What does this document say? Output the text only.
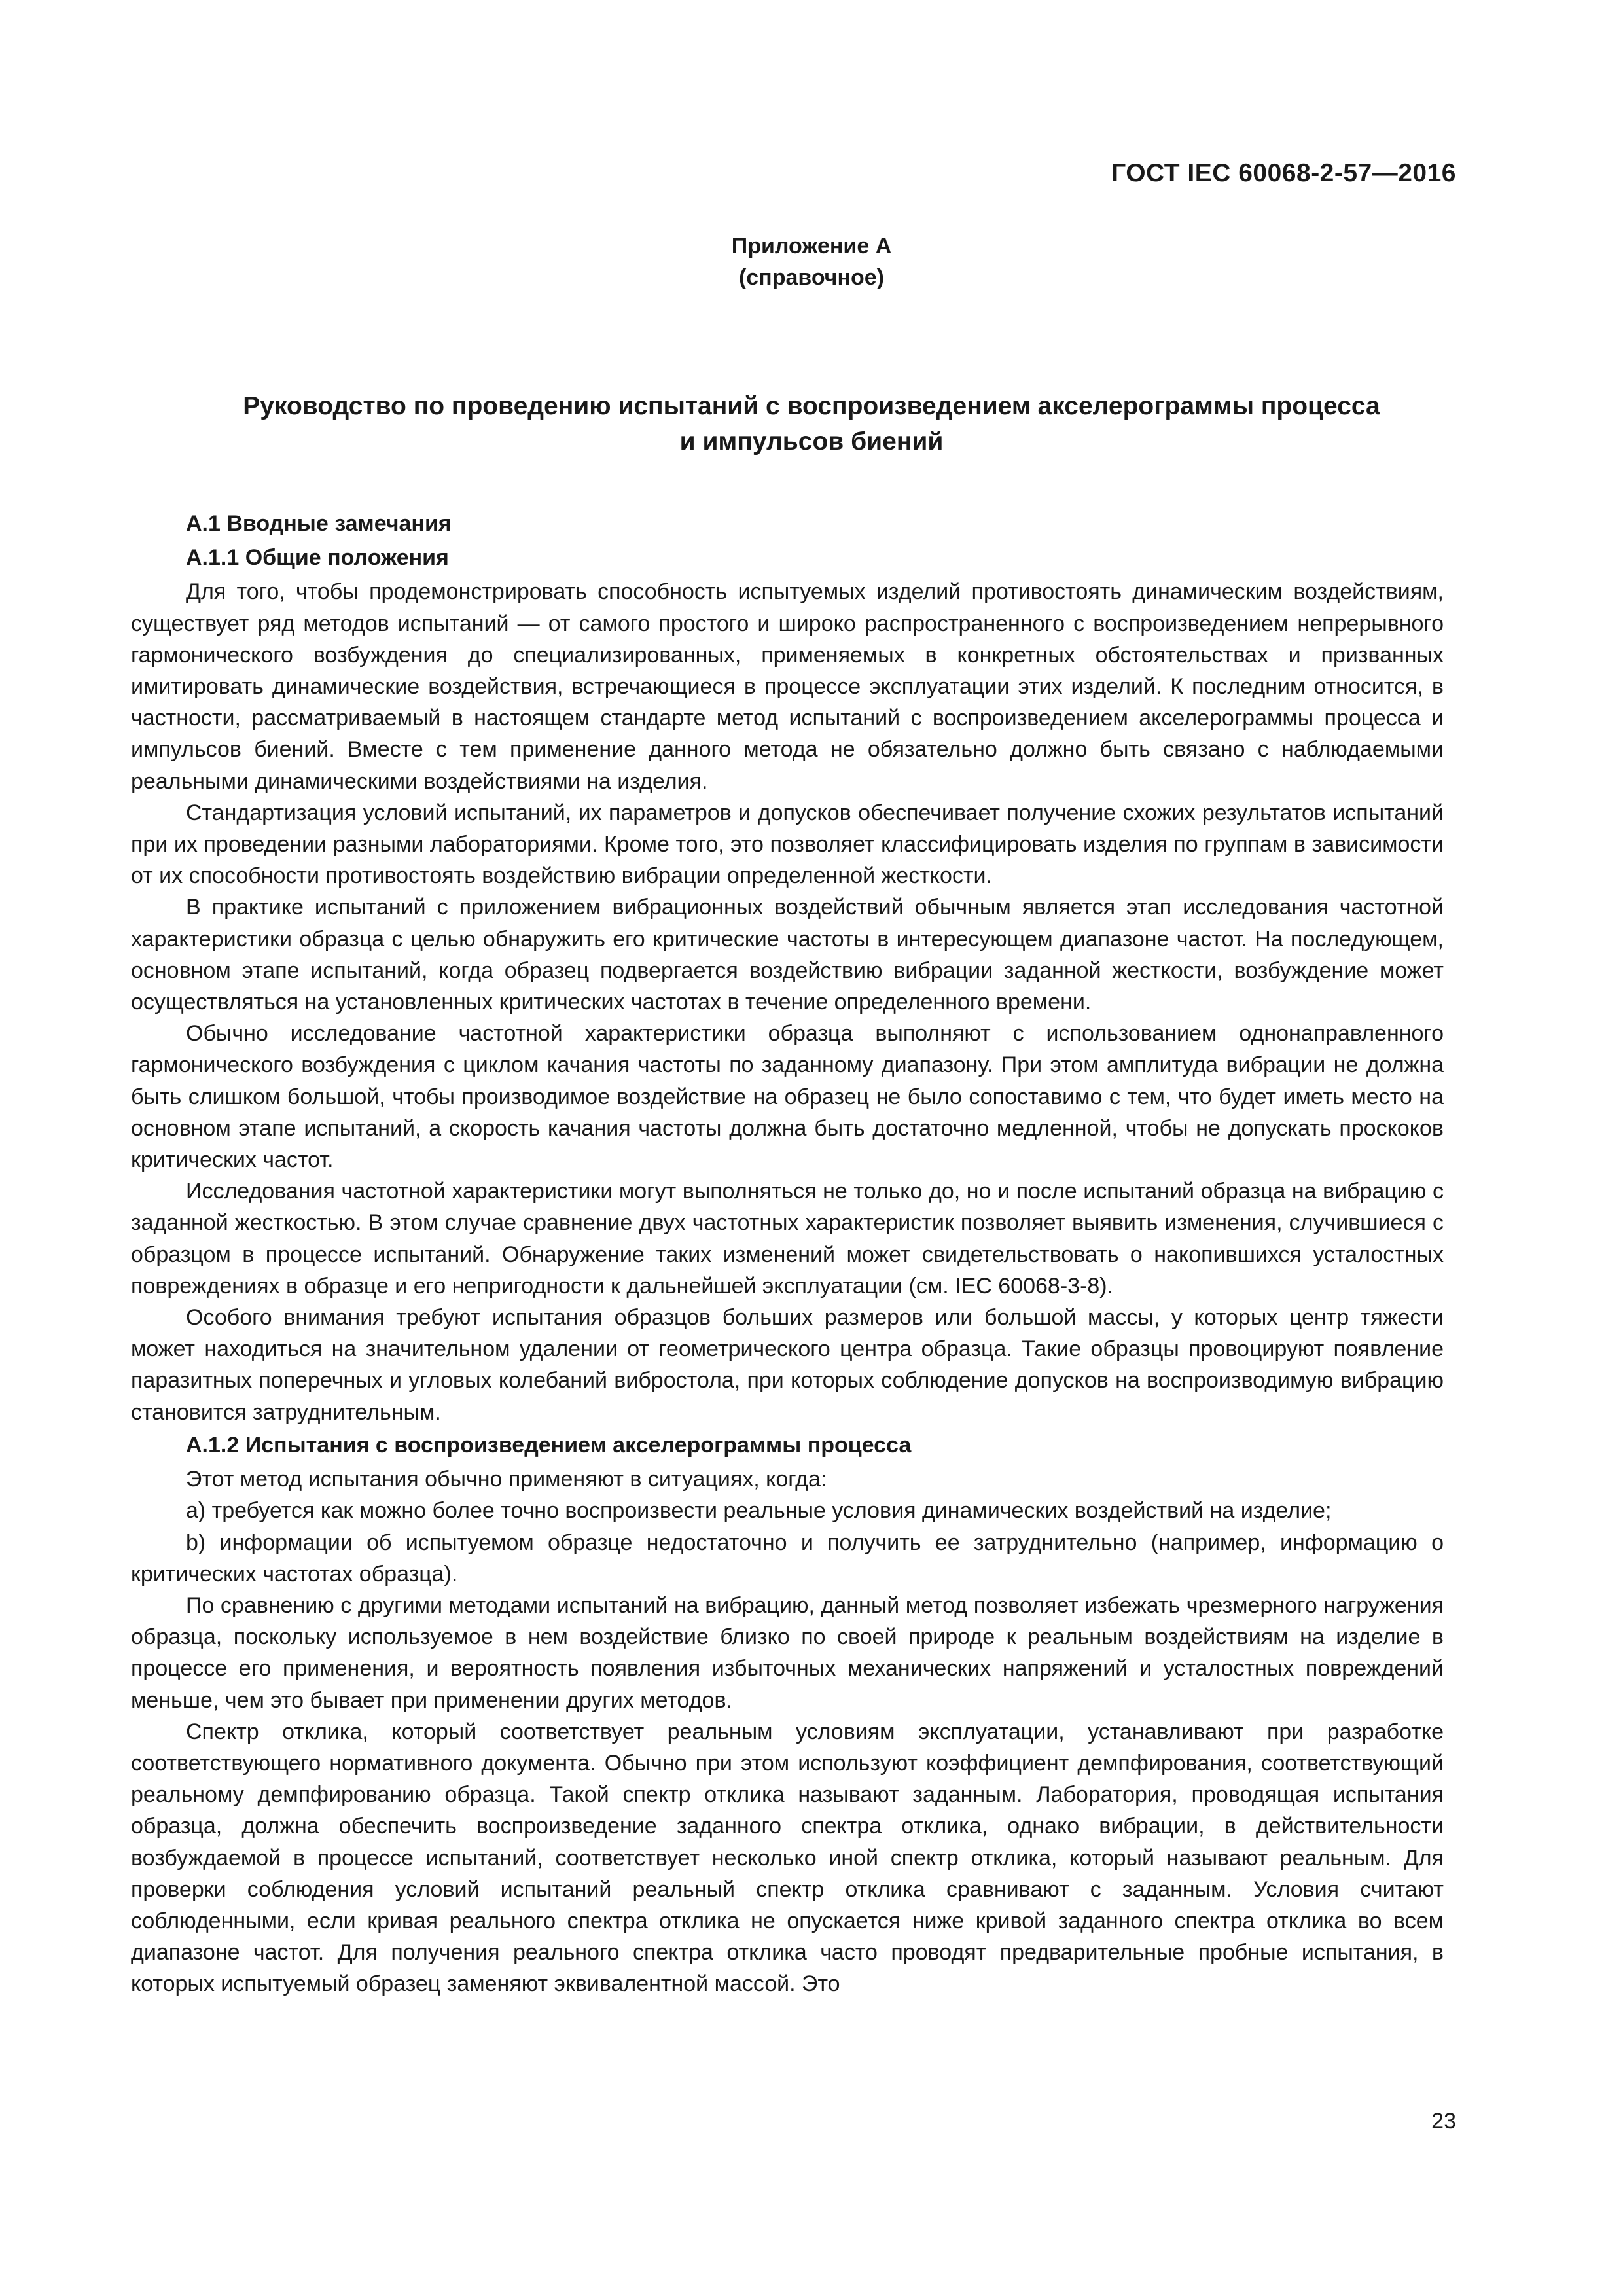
ГОСТ IEC 60068-2-57—2016
Приложение А
(справочное)
Руководство по проведению испытаний с воспроизведением акселерограммы процесса
и импульсов биений
А.1 Вводные замечания
А.1.1 Общие положения

Для того, чтобы продемонстрировать способность испытуемых изделий противостоять динамическим воздействиям, существует ряд методов испытаний — от самого простого и широко распространенного с воспроизведением непрерывного гармонического возбуждения до специализированных, применяемых в конкретных обстоятельствах и призванных имитировать динамические воздействия, встречающиеся в процессе эксплуатации этих изделий. К последним относится, в частности, рассматриваемый в настоящем стандарте метод испытаний с воспроизведением акселерограммы процесса и импульсов биений. Вместе с тем применение данного метода не обязательно должно быть связано с наблюдаемыми реальными динамическими воздействиями на изделия.

Стандартизация условий испытаний, их параметров и допусков обеспечивает получение схожих результатов испытаний при их проведении разными лабораториями. Кроме того, это позволяет классифицировать изделия по группам в зависимости от их способности противостоять воздействию вибрации определенной жесткости.

В практике испытаний с приложением вибрационных воздействий обычным является этап исследования частотной характеристики образца с целью обнаружить его критические частоты в интересующем диапазоне частот. На последующем, основном этапе испытаний, когда образец подвергается воздействию вибрации заданной жесткости, возбуждение может осуществляться на установленных критических частотах в течение определенного времени.

Обычно исследование частотной характеристики образца выполняют с использованием однонаправленного гармонического возбуждения с циклом качания частоты по заданному диапазону. При этом амплитуда вибрации не должна быть слишком большой, чтобы производимое воздействие на образец не было сопоставимо с тем, что будет иметь место на основном этапе испытаний, а скорость качания частоты должна быть достаточно медленной, чтобы не допускать проскоков критических частот.

Исследования частотной характеристики могут выполняться не только до, но и после испытаний образца на вибрацию с заданной жесткостью. В этом случае сравнение двух частотных характеристик позволяет выявить изменения, случившиеся с образцом в процессе испытаний. Обнаружение таких изменений может свидетельствовать о накопившихся усталостных повреждениях в образце и его непригодности к дальнейшей эксплуатации (см. IEC 60068-3-8).

Особого внимания требуют испытания образцов больших размеров или большой массы, у которых центр тяжести может находиться на значительном удалении от геометрического центра образца. Такие образцы провоцируют появление паразитных поперечных и угловых колебаний вибростола, при которых соблюдение допусков на воспроизводимую вибрацию становится затруднительным.

А.1.2 Испытания с воспроизведением акселерограммы процесса

Этот метод испытания обычно применяют в ситуациях, когда:

a) требуется как можно более точно воспроизвести реальные условия динамических воздействий на изделие;

b) информации об испытуемом образце недостаточно и получить ее затруднительно (например, информацию о критических частотах образца).

По сравнению с другими методами испытаний на вибрацию, данный метод позволяет избежать чрезмерного нагружения образца, поскольку используемое в нем воздействие близко по своей природе к реальным воздействиям на изделие в процессе его применения, и вероятность появления избыточных механических напряжений и усталостных повреждений меньше, чем это бывает при применении других методов.

Спектр отклика, который соответствует реальным условиям эксплуатации, устанавливают при разработке соответствующего нормативного документа. Обычно при этом используют коэффициент демпфирования, соответствующий реальному демпфированию образца. Такой спектр отклика называют заданным. Лаборатория, проводящая испытания образца, должна обеспечить воспроизведение заданного спектра отклика, однако вибрации, в действительности возбуждаемой в процессе испытаний, соответствует несколько иной спектр отклика, который называют реальным. Для проверки соблюдения условий испытаний реальный спектр отклика сравнивают с заданным. Условия считают соблюденными, если кривая реального спектра отклика не опускается ниже кривой заданного спектра отклика во всем диапазоне частот. Для получения реального спектра отклика часто проводят предварительные пробные испытания, в которых испытуемый образец заменяют эквивалентной массой. Это

23
